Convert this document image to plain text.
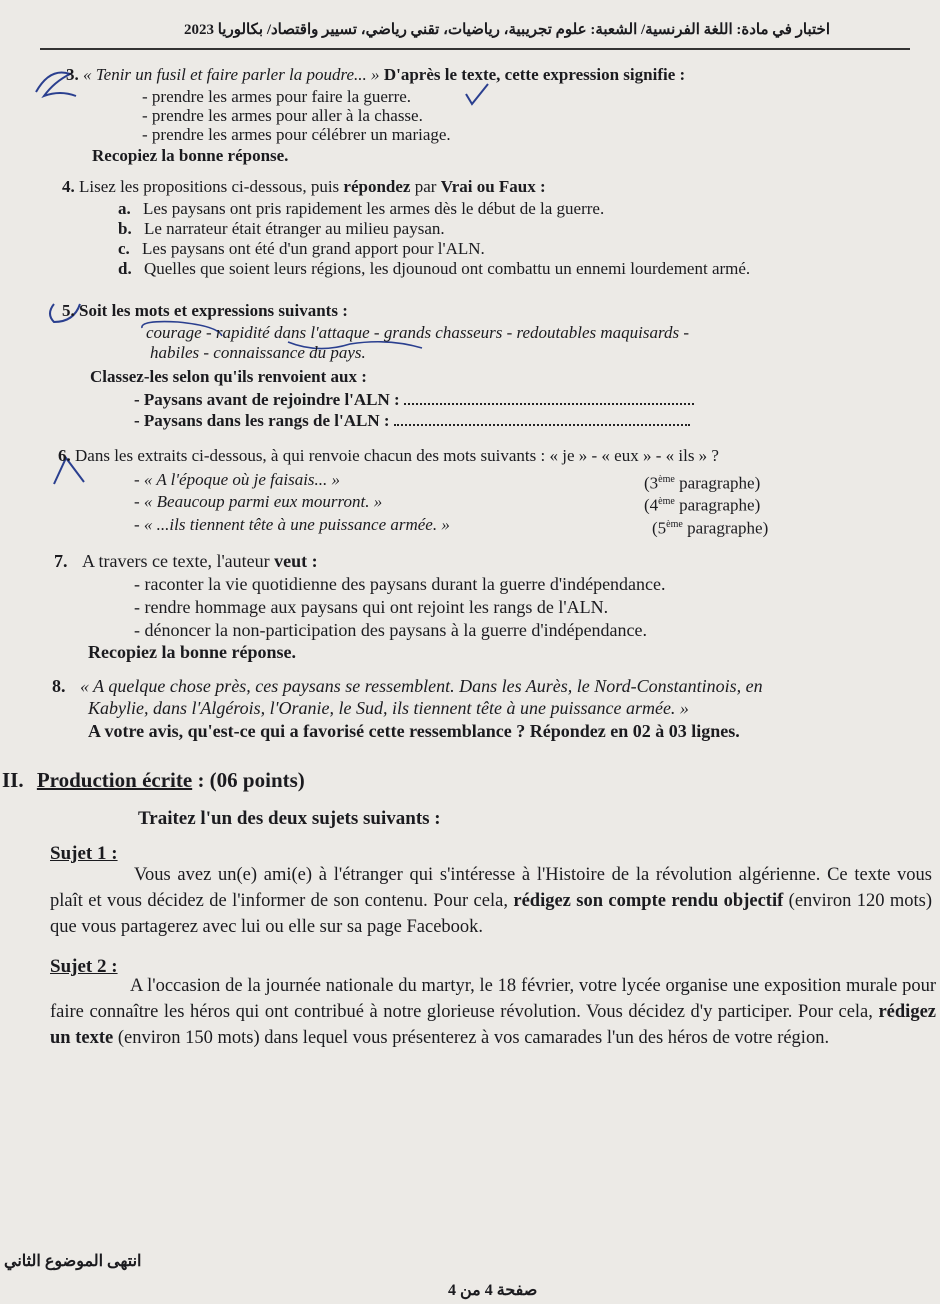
اختبار في مادة: اللغة الفرنسية/ الشعبة: علوم تجريبية، رياضيات، تقني رياضي، تسيير واقتصاد/ بكالوريا 2023
3. « Tenir un fusil et faire parler la poudre... » D'après le texte, cette expression signifie :
- prendre les armes pour faire la guerre.
- prendre les armes pour aller à la chasse.
- prendre les armes pour célébrer un mariage.
Recopiez la bonne réponse.
4. Lisez les propositions ci-dessous, puis répondez par Vrai ou Faux :
a. Les paysans ont pris rapidement les armes dès le début de la guerre.
b. Le narrateur était étranger au milieu paysan.
c. Les paysans ont été d'un grand apport pour l'ALN.
d. Quelles que soient leurs régions, les djounoud ont combattu un ennemi lourdement armé.
5. Soit les mots et expressions suivants :
courage - rapidité dans l'attaque - grands chasseurs - redoutables maquisards -
habiles - connaissance du pays.
Classez-les selon qu'ils renvoient aux :
- Paysans avant de rejoindre l'ALN :
- Paysans dans les rangs de l'ALN :
6. Dans les extraits ci-dessous, à qui renvoie chacun des mots suivants : « je » - « eux » - « ils » ?
- « A l'époque où je faisais... »	(3ème paragraphe)
- « Beaucoup parmi eux mourront. »	(4ème paragraphe)
- « ...ils tiennent tête à une puissance armée. »	(5ème paragraphe)
7. A travers ce texte, l'auteur veut :
- raconter la vie quotidienne des paysans durant la guerre d'indépendance.
- rendre hommage aux paysans qui ont rejoint les rangs de l'ALN.
- dénoncer la non-participation des paysans à la guerre d'indépendance.
Recopiez la bonne réponse.
8. « A quelque chose près, ces paysans se ressemblent. Dans les Aurès, le Nord-Constantinois, en
Kabylie, dans l'Algérois, l'Oranie, le Sud, ils tiennent tête à une puissance armée. »
A votre avis, qu'est-ce qui a favorisé cette ressemblance ? Répondez en 02 à 03 lignes.
II. Production écrite : (06 points)
Traitez l'un des deux sujets suivants :
Sujet 1 :
Vous avez un(e) ami(e) à l'étranger qui s'intéresse à l'Histoire de la révolution algérienne. Ce texte vous plaît et vous décidez de l'informer de son contenu. Pour cela, rédigez son compte rendu objectif (environ 120 mots) que vous partagerez avec lui ou elle sur sa page Facebook.
Sujet 2 :
A l'occasion de la journée nationale du martyr, le 18 février, votre lycée organise une exposition murale pour faire connaître les héros qui ont contribué à notre glorieuse révolution. Vous décidez d'y participer. Pour cela, rédigez un texte (environ 150 mots) dans lequel vous présenterez à vos camarades l'un des héros de votre région.
انتهى الموضوع الثاني
صفحة 4 من 4
